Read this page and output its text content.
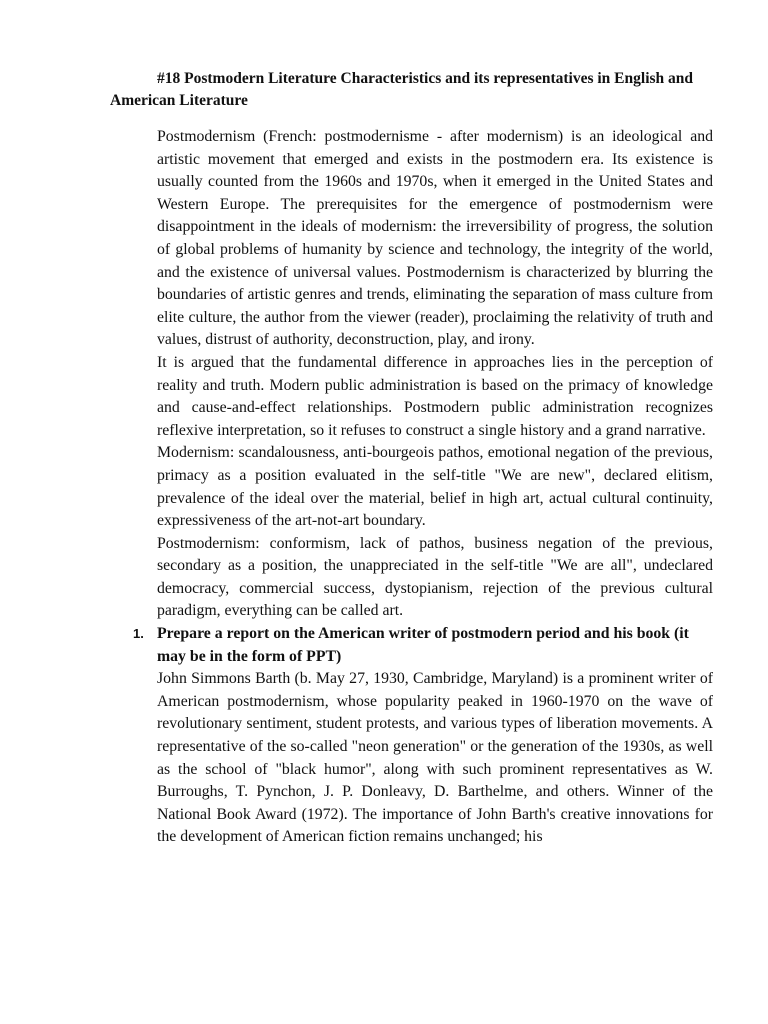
#18 Postmodern Literature Characteristics and its representatives in English and American Literature

Postmodernism (French: postmodernisme - after modernism) is an ideological and artistic movement that emerged and exists in the postmodern era. Its existence is usually counted from the 1960s and 1970s, when it emerged in the United States and Western Europe. The prerequisites for the emergence of postmodernism were disappointment in the ideals of modernism: the irreversibility of progress, the solution of global problems of humanity by science and technology, the integrity of the world, and the existence of universal values. Postmodernism is characterized by blurring the boundaries of artistic genres and trends, eliminating the separation of mass culture from elite culture, the author from the viewer (reader), proclaiming the relativity of truth and values, distrust of authority, deconstruction, play, and irony.

It is argued that the fundamental difference in approaches lies in the perception of reality and truth. Modern public administration is based on the primacy of knowledge and cause-and-effect relationships. Postmodern public administration recognizes reflexive interpretation, so it refuses to construct a single history and a grand narrative.

Modernism: scandalousness, anti-bourgeois pathos, emotional negation of the previous, primacy as a position evaluated in the self-title "We are new", declared elitism, prevalence of the ideal over the material, belief in high art, actual cultural continuity, expressiveness of the art-not-art boundary.

Postmodernism: conformism, lack of pathos, business negation of the previous, secondary as a position, the unappreciated in the self-title "We are all", undeclared democracy, commercial success, dystopianism, rejection of the previous cultural paradigm, everything can be called art.

1. Prepare a report on the American writer of postmodern period and his book (it may be in the form of PPT)

John Simmons Barth (b. May 27, 1930, Cambridge, Maryland) is a prominent writer of American postmodernism, whose popularity peaked in 1960-1970 on the wave of revolutionary sentiment, student protests, and various types of liberation movements. A representative of the so-called "neon generation" or the generation of the 1930s, as well as the school of "black humor", along with such prominent representatives as W. Burroughs, T. Pynchon, J. P. Donleavy, D. Barthelme, and others. Winner of the National Book Award (1972). The importance of John Barth's creative innovations for the development of American fiction remains unchanged; his
